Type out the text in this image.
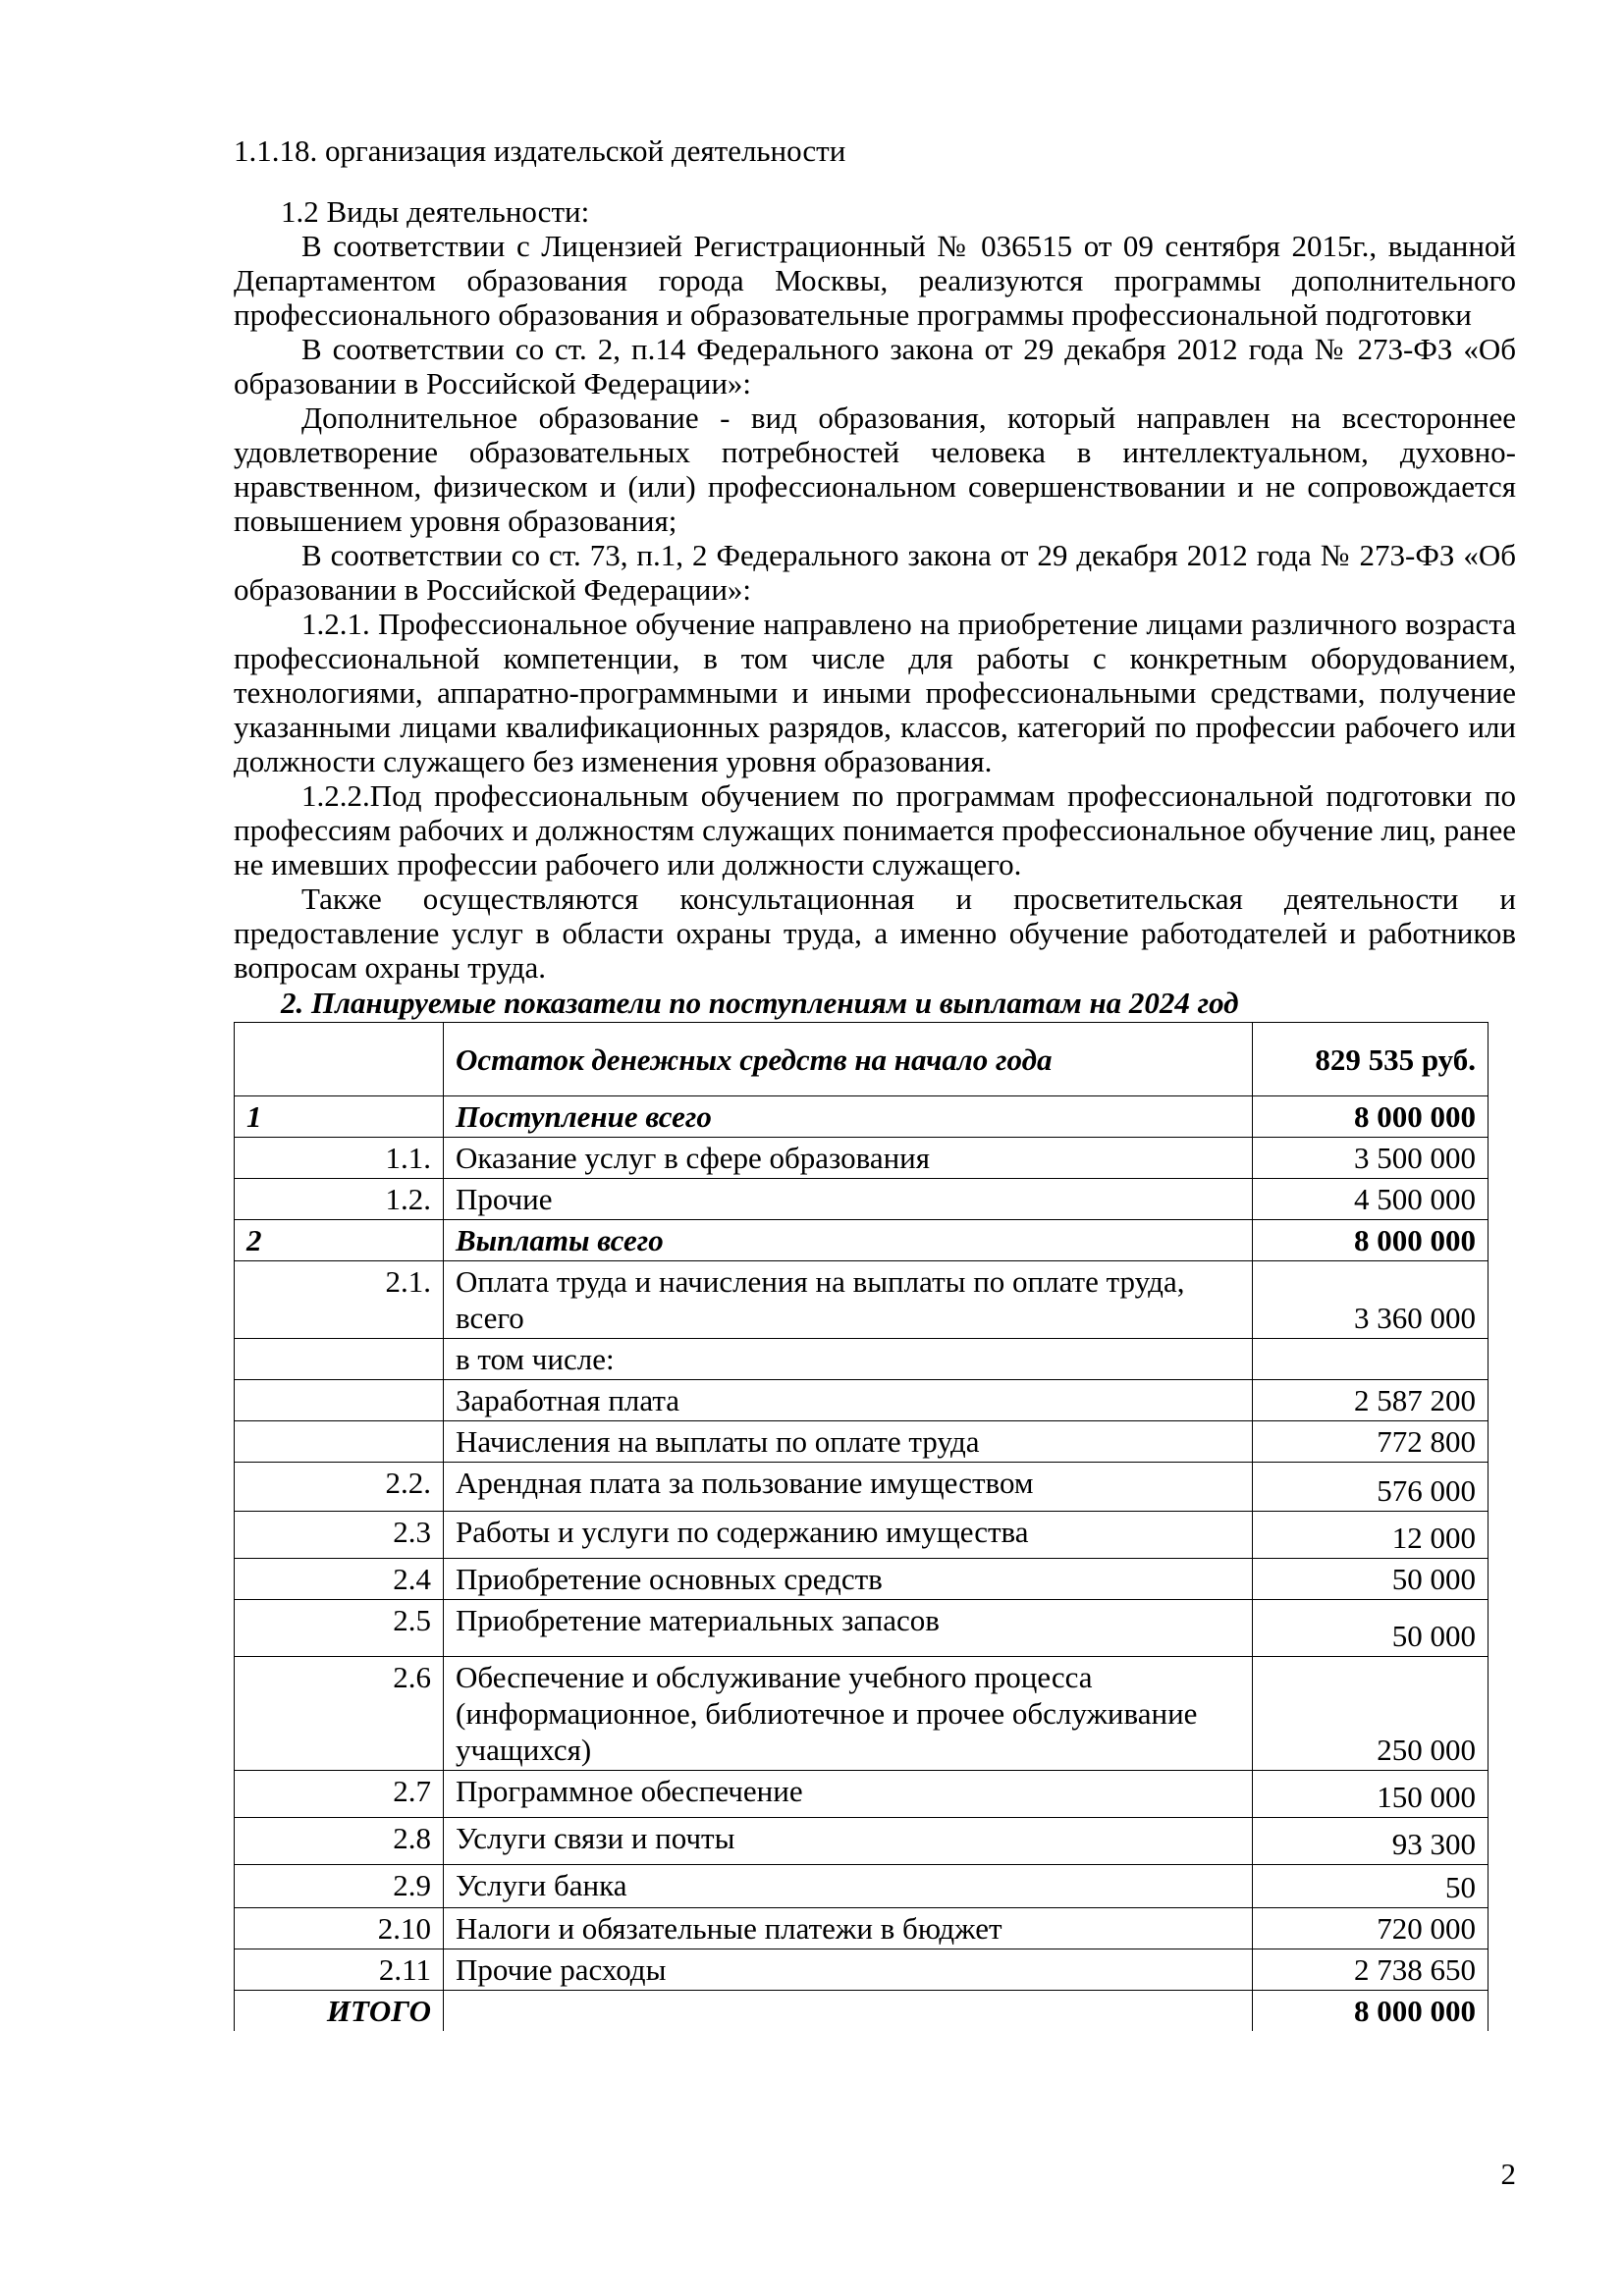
1.1.18. организация издательской деятельности

1.2 Виды деятельности:

В соответствии с Лицензией Регистрационный № 036515 от 09 сентября 2015г., выданной Департаментом образования города Москвы, реализуются программы дополнительного профессионального образования и образовательные программы профессиональной подготовки

В соответствии со ст. 2, п.14 Федерального закона от 29 декабря 2012 года № 273-ФЗ «Об образовании в Российской Федерации»:

Дополнительное образование - вид образования, который направлен на всестороннее удовлетворение образовательных потребностей человека в интеллектуальном, духовно-нравственном, физическом и (или) профессиональном совершенствовании и не сопровождается повышением уровня образования;

В соответствии со ст. 73, п.1, 2 Федерального закона от 29 декабря 2012 года № 273-ФЗ «Об образовании в Российской Федерации»:

1.2.1. Профессиональное обучение направлено на приобретение лицами различного возраста профессиональной компетенции, в том числе для работы с конкретным оборудованием, технологиями, аппаратно-программными и иными профессиональными средствами, получение указанными лицами квалификационных разрядов, классов, категорий по профессии рабочего или должности служащего без изменения уровня образования.

1.2.2.Под профессиональным обучением по программам профессиональной подготовки по профессиям рабочих и должностям служащих понимается профессиональное обучение лиц, ранее не имевших профессии рабочего или должности служащего.

Также осуществляются консультационная и просветительская деятельности и предоставление услуг в области охраны труда, а именно обучение работодателей и работников вопросам охраны труда.

2. Планируемые показатели по поступлениям и выплатам на 2024 год

	Остаток денежных средств на начало года	829 535 руб.
1	Поступление всего	8 000 000
1.1.	Оказание услуг в сфере образования	3 500 000
1.2.	Прочие	4 500 000
2	Выплаты всего	8 000 000
2.1.	Оплата труда и начисления на выплаты по оплате труда, всего	3 360 000
	в том числе:	
	Заработная плата	2 587 200
	Начисления на выплаты по оплате труда	772 800
2.2.	Арендная плата за пользование имуществом	576 000
2.3	Работы и услуги по содержанию имущества	12 000
2.4	Приобретение основных средств	50 000
2.5	Приобретение материальных запасов	50 000
2.6	Обеспечение и обслуживание учебного процесса (информационное, библиотечное и прочее обслуживание учащихся)	250 000
2.7	Программное обеспечение	150 000
2.8	Услуги связи и почты	93 300
2.9	Услуги банка	50
2.10	Налоги и обязательные платежи в бюджет	720 000
2.11	Прочие расходы	2 738 650
ИТОГО		8 000 000
2
